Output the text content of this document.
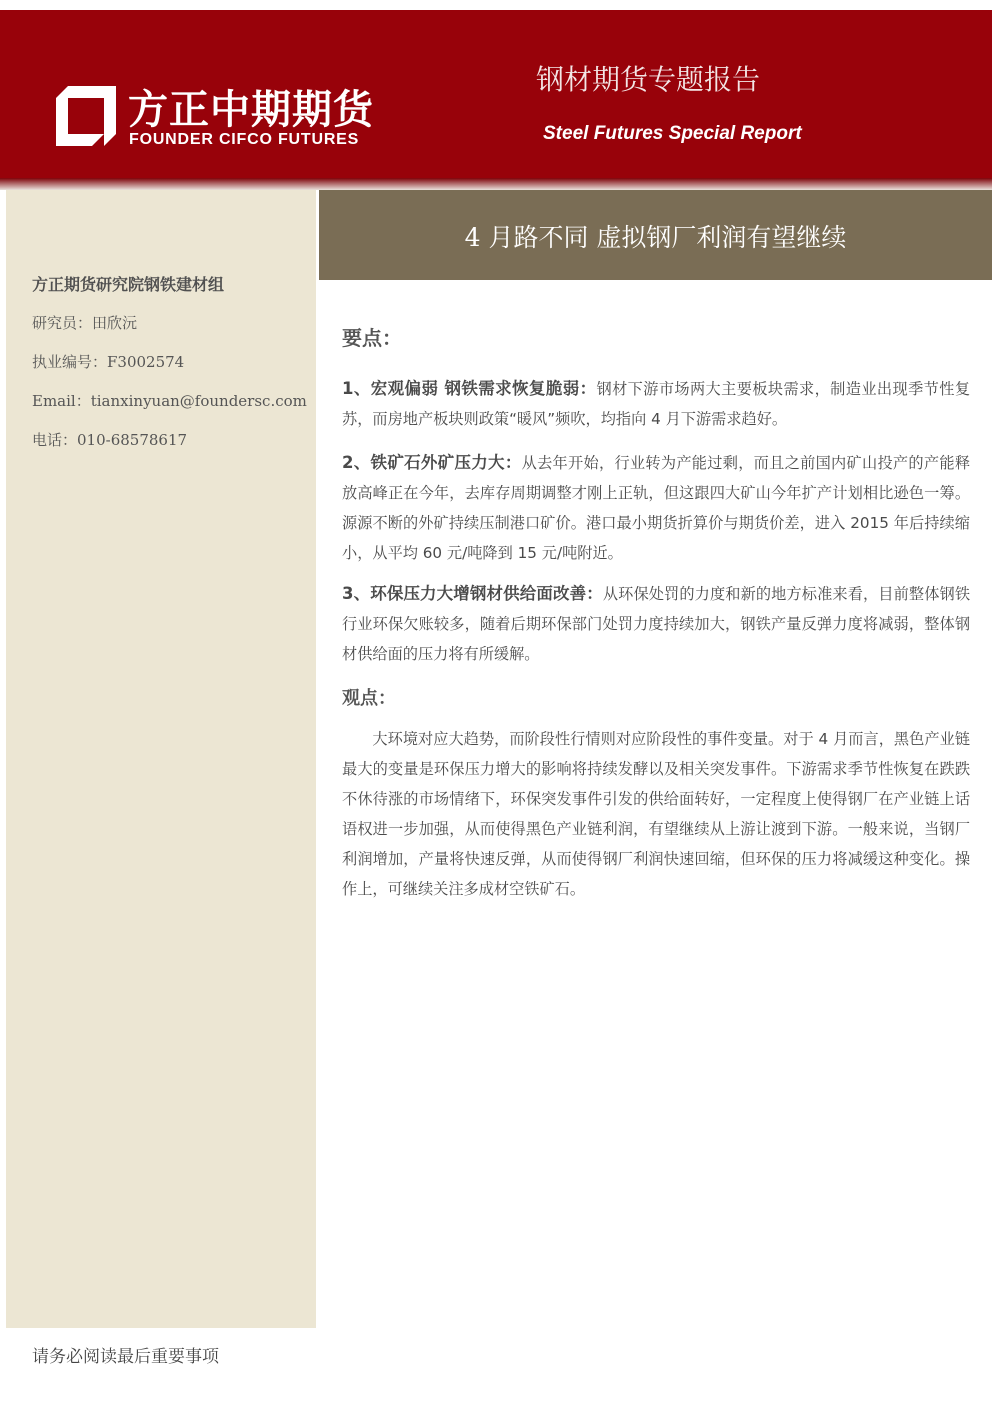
方正中期期货
FOUNDER CIFCO FUTURES
钢材期货专题报告
Steel Futures Special Report
方正期货研究院钢铁建材组
研究员：田欣沅
执业编号：F3002574
Email：tianxinyuan@foundersc.com
电话：010-68578617
4 月路不同 虚拟钢厂利润有望继续
要点：
1、宏观偏弱 钢铁需求恢复脆弱：钢材下游市场两大主要板块需求，制造业出现季节性复苏，而房地产板块则政策“暖风”频吹，均指向 4 月下游需求趋好。
2、铁矿石外矿压力大：从去年开始，行业转为产能过剩，而且之前国内矿山投产的产能释放高峰正在今年，去库存周期调整才刚上正轨，但这跟四大矿山今年扩产计划相比逊色一筹。源源不断的外矿持续压制港口矿价。港口最小期货折算价与期货价差，进入 2015 年后持续缩小，从平均 60 元/吨降到 15 元/吨附近。
3、环保压力大增钢材供给面改善：从环保处罚的力度和新的地方标准来看，目前整体钢铁行业环保欠账较多，随着后期环保部门处罚力度持续加大，钢铁产量反弹力度将减弱，整体钢材供给面的压力将有所缓解。
观点：
大环境对应大趋势，而阶段性行情则对应阶段性的事件变量。对于 4 月而言，黑色产业链最大的变量是环保压力增大的影响将持续发酵以及相关突发事件。下游需求季节性恢复在跌跌不休待涨的市场情绪下，环保突发事件引发的供给面转好，一定程度上使得钢厂在产业链上话语权进一步加强，从而使得黑色产业链利润，有望继续从上游让渡到下游。一般来说，当钢厂利润增加，产量将快速反弹，从而使得钢厂利润快速回缩，但环保的压力将减缓这种变化。操作上，可继续关注多成材空铁矿石。
请务必阅读最后重要事项
